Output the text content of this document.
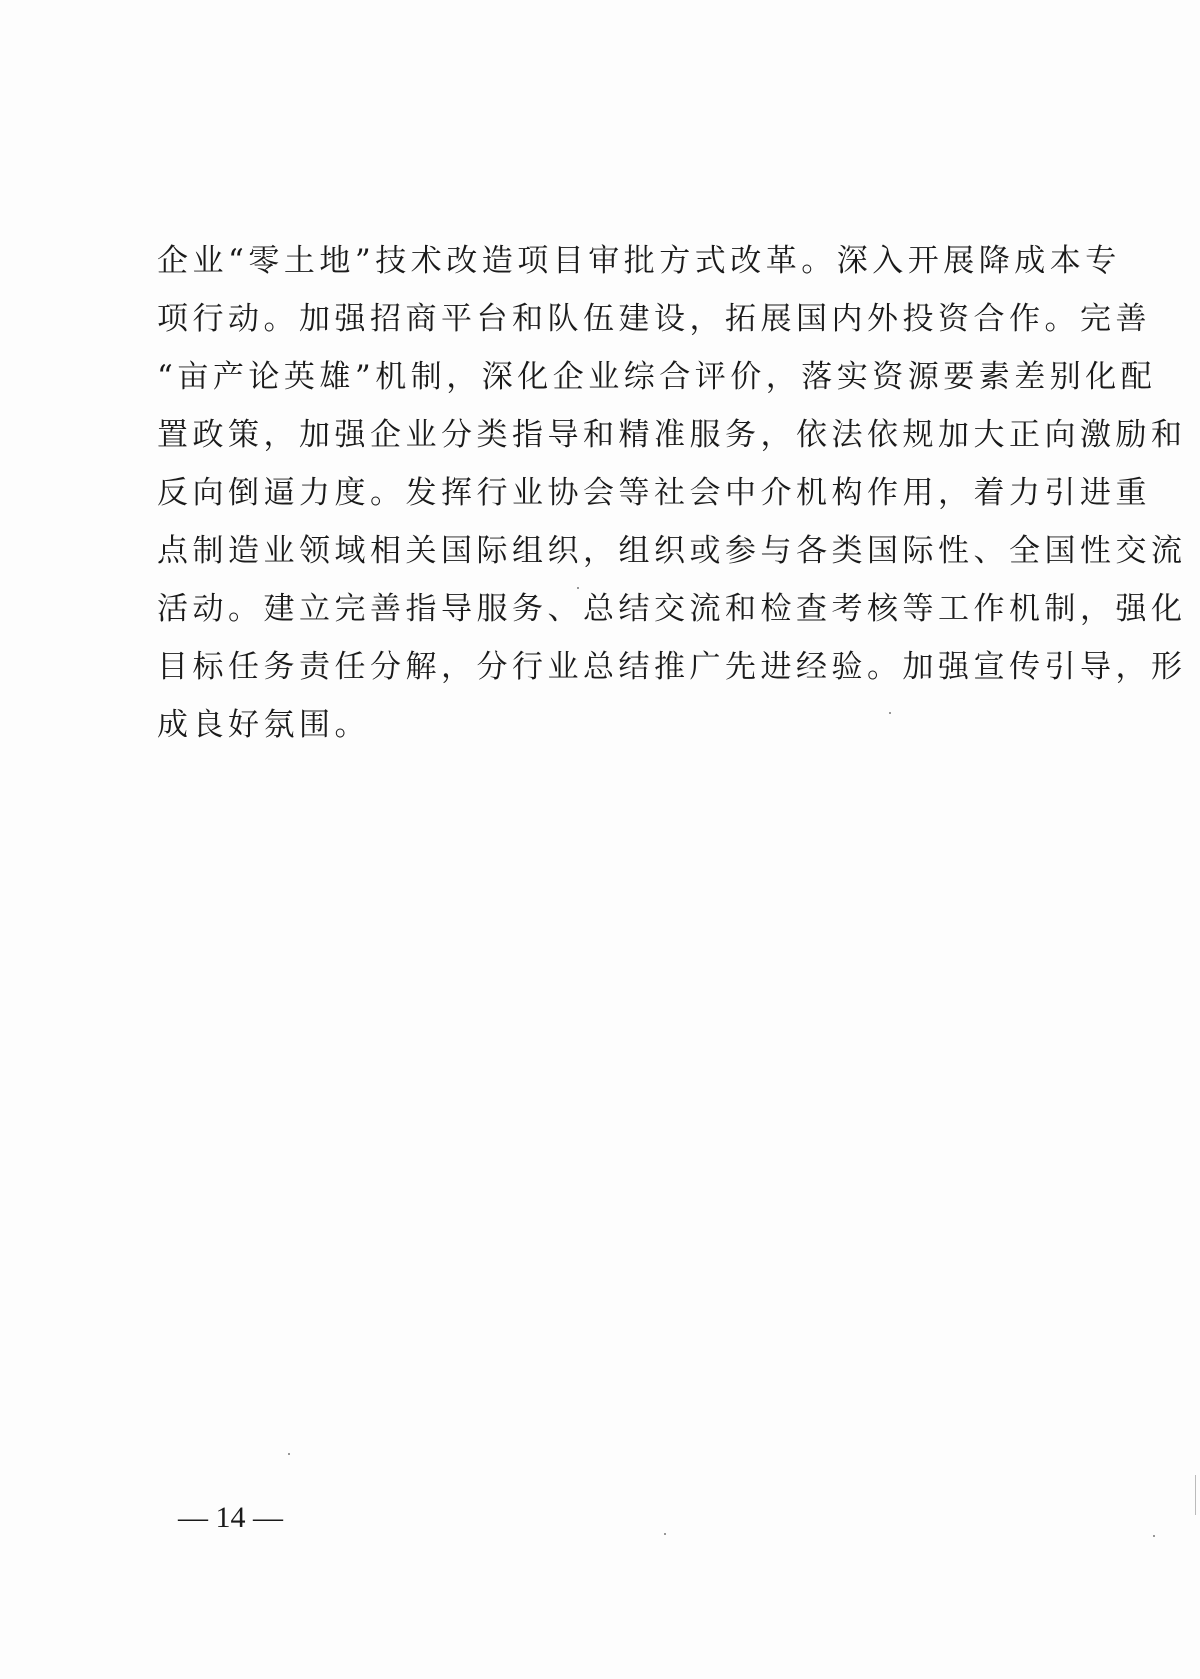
企业“零土地”技术改造项目审批方式改革。深入开展降成本专
项行动。加强招商平台和队伍建设，拓展国内外投资合作。完善
“亩产论英雄”机制，深化企业综合评价，落实资源要素差别化配
置政策，加强企业分类指导和精准服务，依法依规加大正向激励和
反向倒逼力度。发挥行业协会等社会中介机构作用，着力引进重
点制造业领域相关国际组织，组织或参与各类国际性、全国性交流
活动。建立完善指导服务、总结交流和检查考核等工作机制，强化
目标任务责任分解，分行业总结推广先进经验。加强宣传引导，形
成良好氛围。
— 14 —
